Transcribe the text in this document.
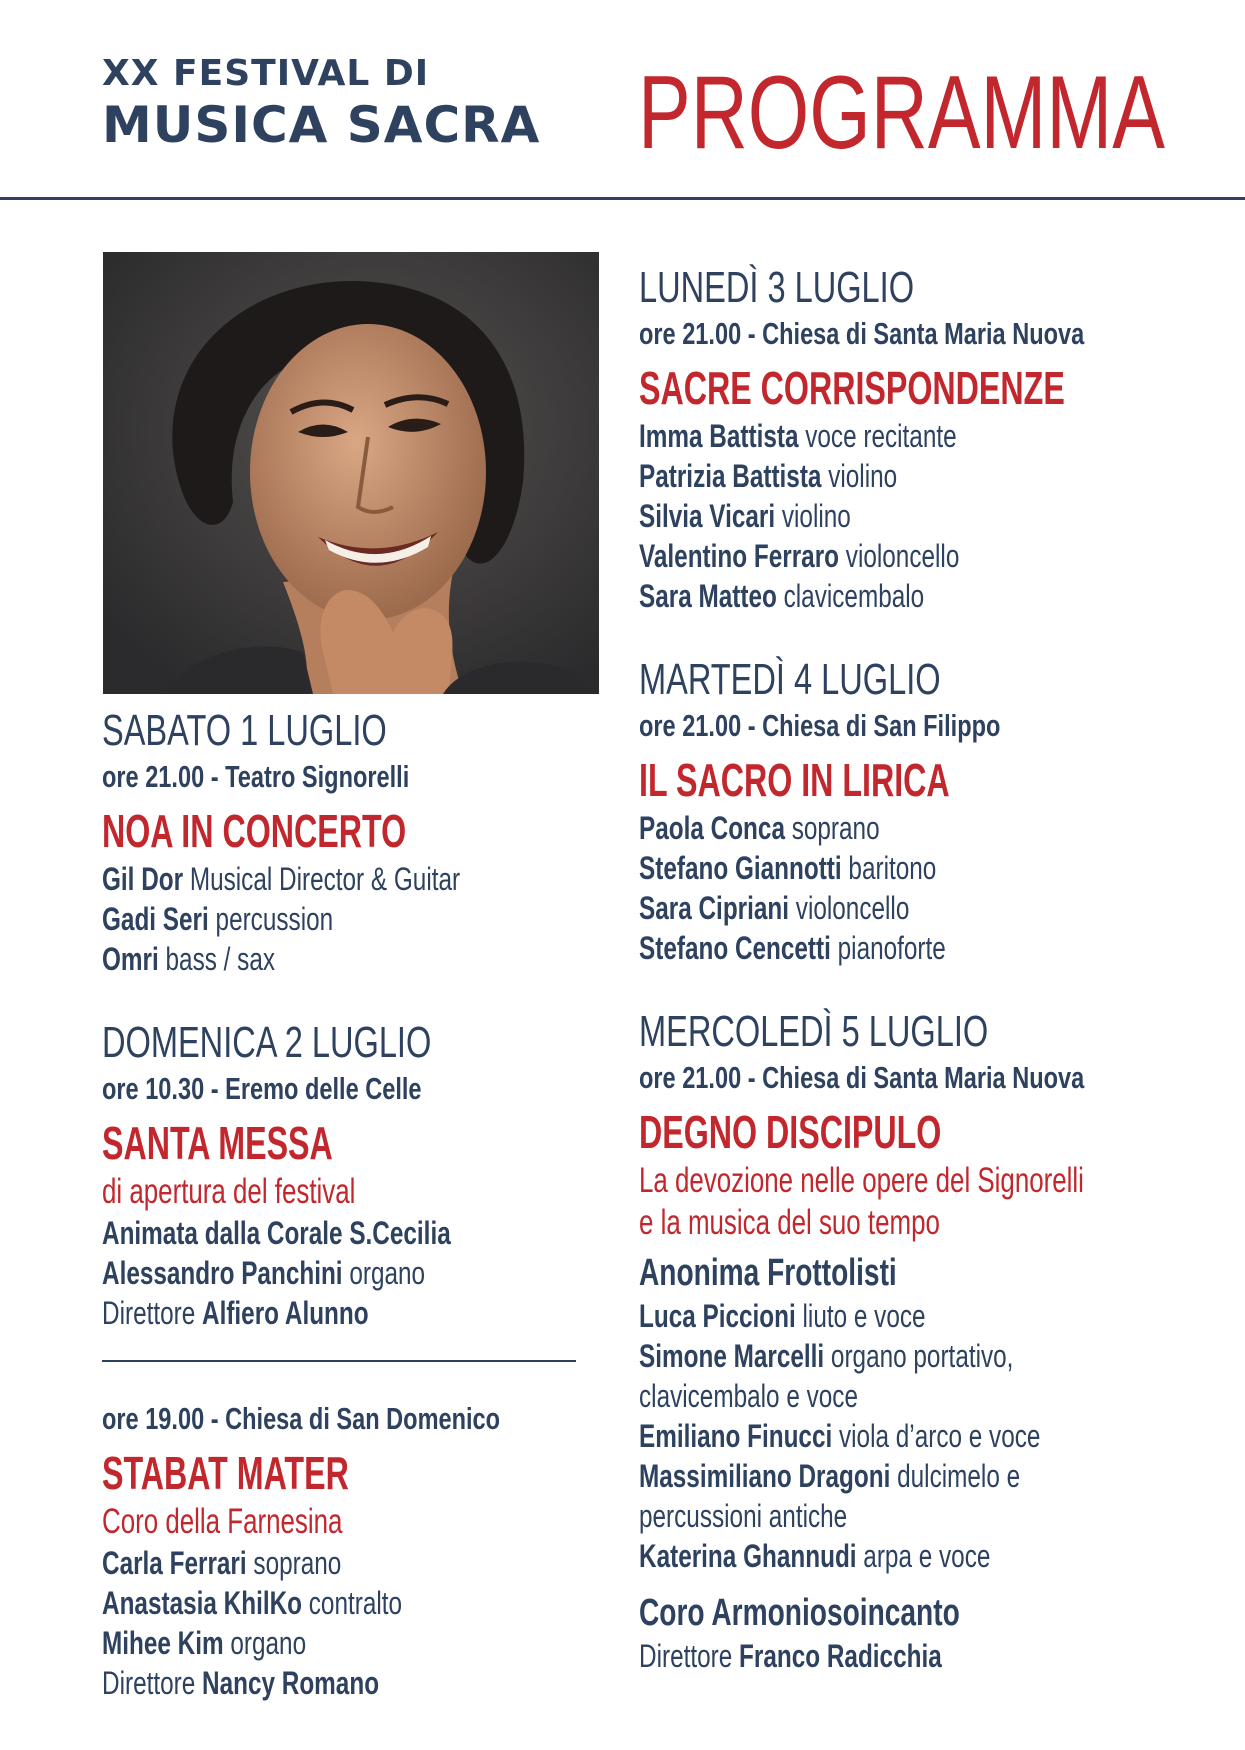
XX FESTIVAL DI
MUSICA SACRA PROGRAMMA
SABATO 1 LUGLIO
ore 21.00 - Teatro Signorelli
NOA IN CONCERTO
Gil Dor Musical Director & Guitar
Gadi Seri percussion
Omri bass / sax
DOMENICA 2 LUGLIO
ore 10.30 - Eremo delle Celle
SANTA MESSA
di apertura del festival
Animata dalla Corale S.Cecilia
Alessandro Panchini organo
Direttore Alfiero Alunno
ore 19.00 - Chiesa di San Domenico
STABAT MATER
Coro della Farnesina
Carla Ferrari soprano
Anastasia KhilKo contralto
Mihee Kim organo
Direttore Nancy Romano
LUNEDÌ 3 LUGLIO
ore 21.00 - Chiesa di Santa Maria Nuova
SACRE CORRISPONDENZE
Imma Battista voce recitante
Patrizia Battista violino
Silvia Vicari violino
Valentino Ferraro violoncello
Sara Matteo clavicembalo
MARTEDÌ 4 LUGLIO
ore 21.00 - Chiesa di San Filippo
IL SACRO IN LIRICA
Paola Conca soprano
Stefano Giannotti baritono
Sara Cipriani violoncello
Stefano Cencetti pianoforte
MERCOLEDÌ 5 LUGLIO
ore 21.00 - Chiesa di Santa Maria Nuova
DEGNO DISCIPULO
La devozione nelle opere del Signorelli
e la musica del suo tempo
Anonima Frottolisti
Luca Piccioni liuto e voce
Simone Marcelli organo portativo,
clavicembalo e voce
Emiliano Finucci viola d’arco e voce
Massimiliano Dragoni dulcimelo e
percussioni antiche
Katerina Ghannudi arpa e voce
Coro Armoniosoincanto
Direttore Franco Radicchia
